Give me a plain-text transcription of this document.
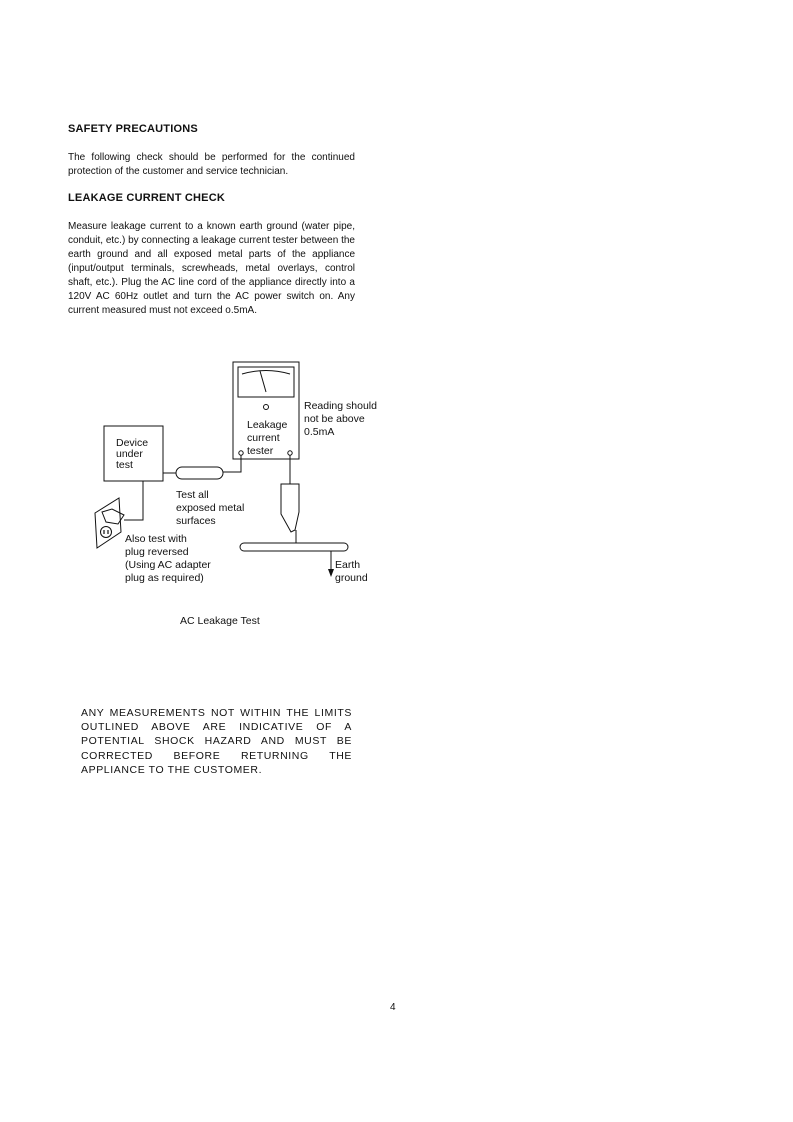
SAFETY PRECAUTIONS

The following check should be performed for the continued protection of the customer and service technician.

LEAKAGE CURRENT CHECK

Measure leakage current to a known earth ground (water pipe, conduit, etc.) by connecting a leakage current tester between the earth ground and all exposed metal parts of the appliance (input/output terminals, screwheads, metal overlays, control shaft, etc.). Plug the AC line cord of the appliance directly into a 120V AC 60Hz outlet and turn the AC power switch on. Any current measured must not exceed o.5mA.

Device
under
test
Leakage
current
tester
Reading should
not be above
0.5mA
Test all
exposed metal
surfaces
Also test with
plug reversed
(Using AC adapter
plug as required)
Earth
ground
AC Leakage Test

ANY MEASUREMENTS NOT WITHIN THE LIMITS OUTLINED ABOVE ARE INDICATIVE OF A POTENTIAL SHOCK HAZARD AND MUST BE CORRECTED BEFORE RETURNING THE APPLIANCE TO THE CUSTOMER.

4
